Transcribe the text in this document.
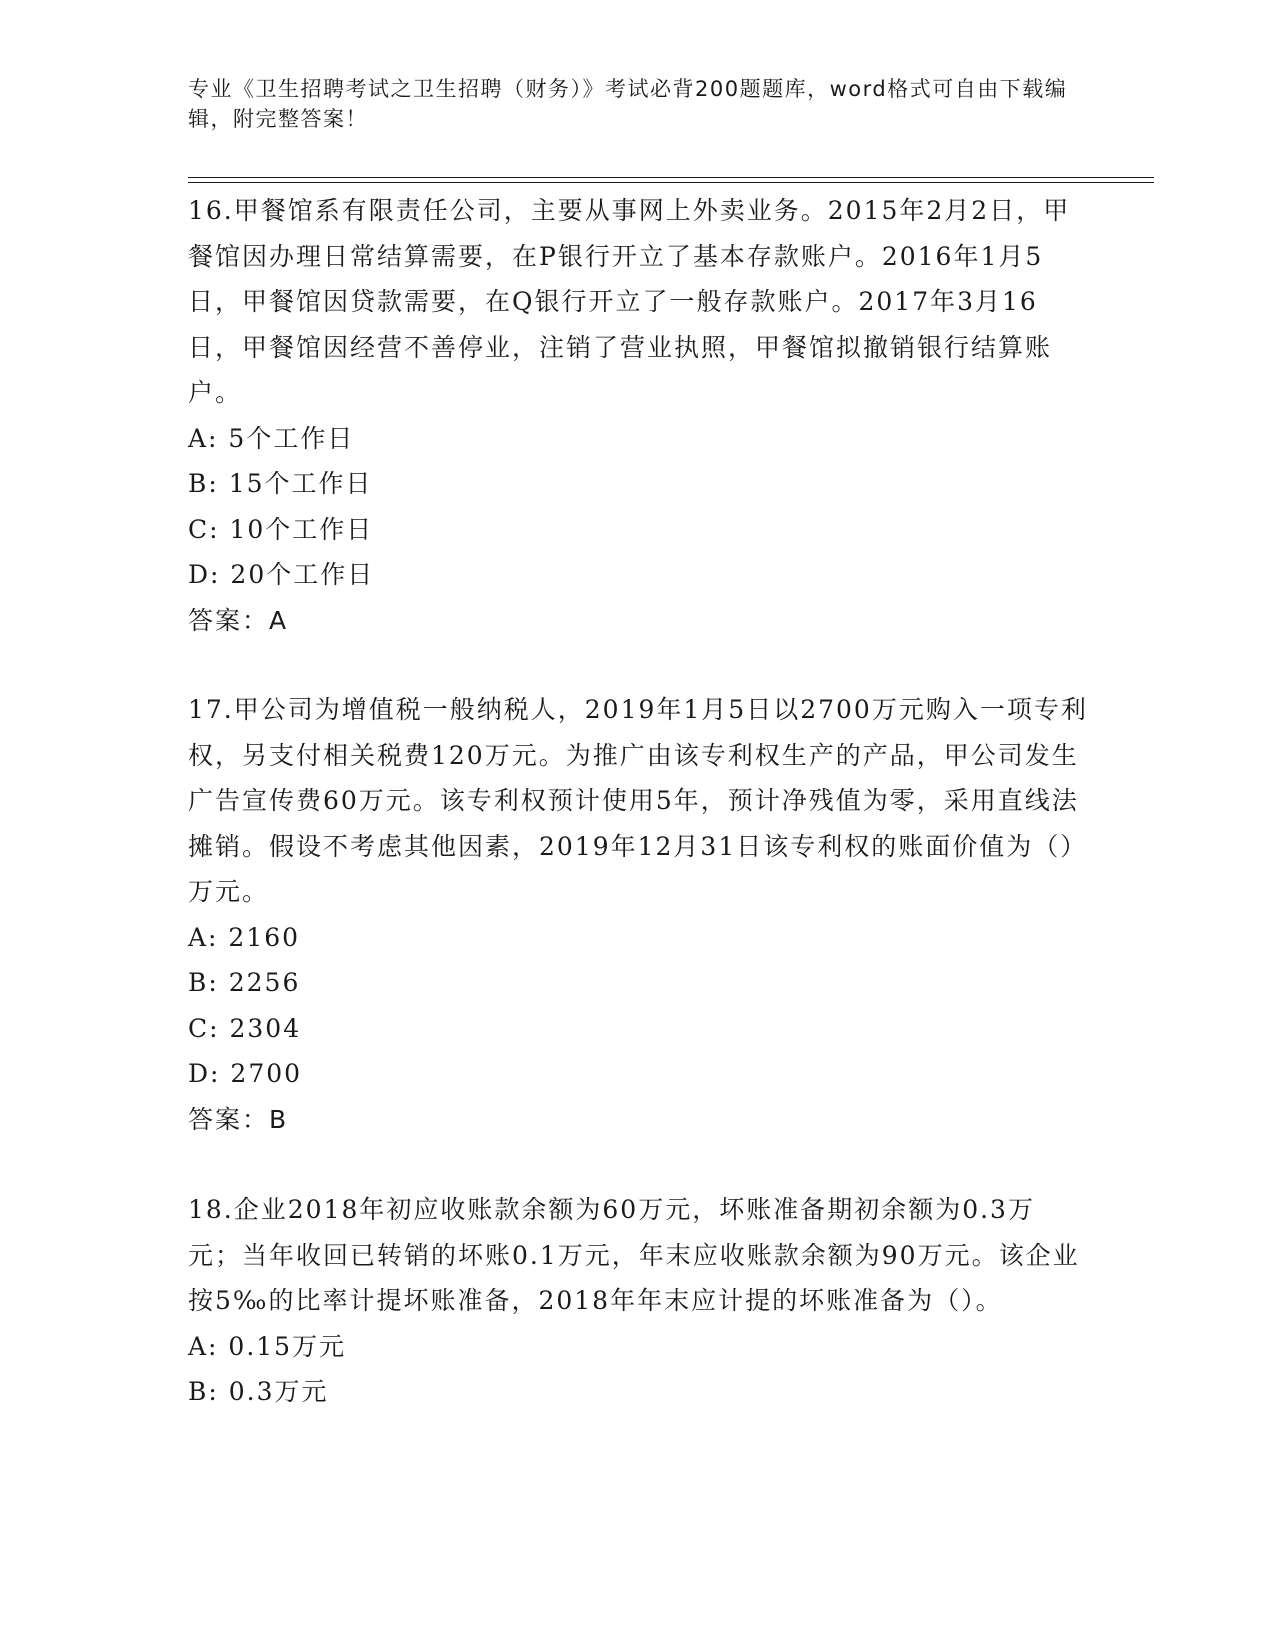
专业《卫生招聘考试之卫生招聘（财务）》考试必背200题题库，word格式可自由下载编辑，附完整答案！

16.甲餐馆系有限责任公司，主要从事网上外卖业务。2015年2月2日，甲餐馆因办理日常结算需要，在P银行开立了基本存款账户。2016年1月5日，甲餐馆因贷款需要，在Q银行开立了一般存款账户。2017年3月16日，甲餐馆因经营不善停业，注销了营业执照，甲餐馆拟撤销银行结算账户。

A: 5个工作日

B: 15个工作日

C: 10个工作日

D: 20个工作日

答案：A

17.甲公司为增值税一般纳税人，2019年1月5日以2700万元购入一项专利权，另支付相关税费120万元。为推广由该专利权生产的产品，甲公司发生广告宣传费60万元。该专利权预计使用5年，预计净残值为零，采用直线法摊销。假设不考虑其他因素，2019年12月31日该专利权的账面价值为（）万元。

A: 2160

B: 2256

C: 2304

D: 2700

答案：B

18.企业2018年初应收账款余额为60万元，坏账准备期初余额为0.3万元；当年收回已转销的坏账0.1万元，年末应收账款余额为90万元。该企业按5‰的比率计提坏账准备，2018年年末应计提的坏账准备为（）。

A: 0.15万元

B: 0.3万元
